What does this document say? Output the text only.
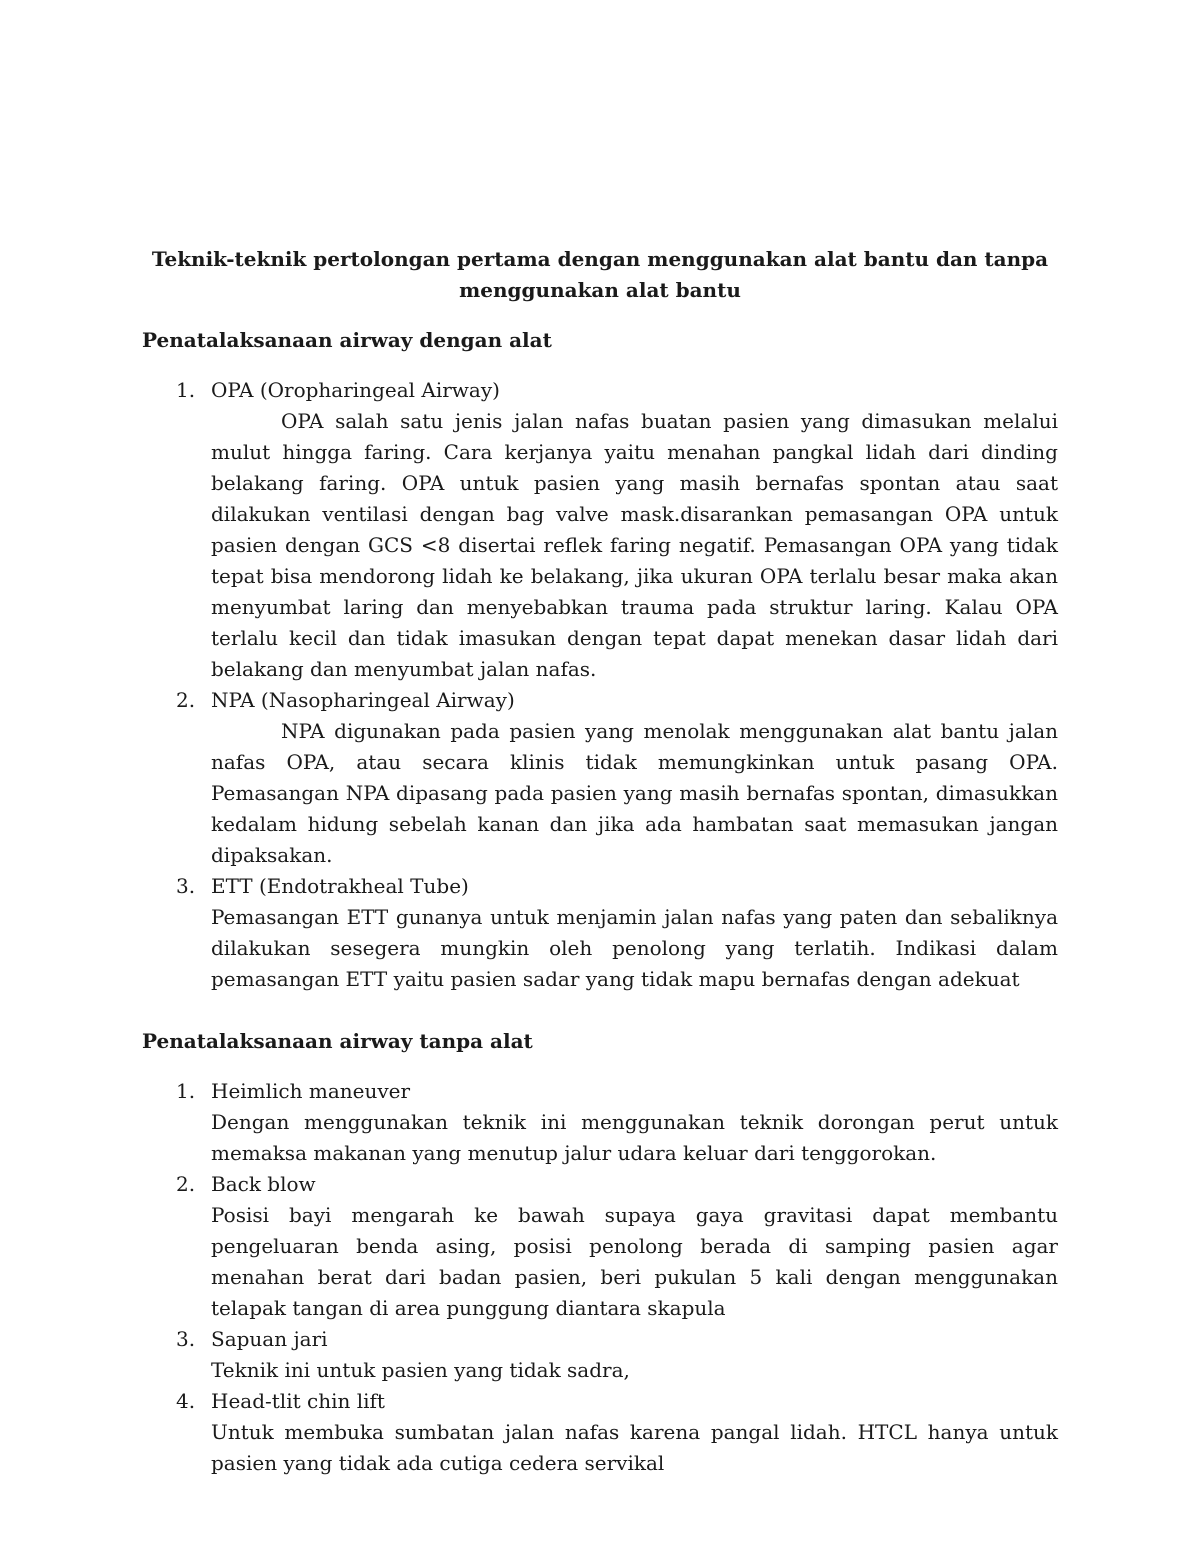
Teknik-teknik pertolongan pertama dengan menggunakan alat bantu dan tanpa
menggunakan alat bantu
Penatalaksanaan airway dengan alat
1. OPA (Oropharingeal Airway)
OPA salah satu jenis jalan nafas buatan pasien yang dimasukan melalui mulut hingga faring. Cara kerjanya yaitu menahan pangkal lidah dari dinding belakang faring. OPA untuk pasien yang masih bernafas spontan atau saat dilakukan ventilasi dengan bag valve mask.disarankan pemasangan OPA untuk pasien dengan GCS <8 disertai reflek faring negatif. Pemasangan OPA yang tidak tepat bisa mendorong lidah ke belakang, jika ukuran OPA terlalu besar maka akan menyumbat laring dan menyebabkan trauma pada struktur laring. Kalau OPA terlalu kecil dan tidak imasukan dengan tepat dapat menekan dasar lidah dari belakang dan menyumbat jalan nafas.
2. NPA (Nasopharingeal Airway)
NPA digunakan pada pasien yang menolak menggunakan alat bantu jalan nafas OPA, atau secara klinis tidak memungkinkan untuk pasang OPA. Pemasangan NPA dipasang pada pasien yang masih bernafas spontan, dimasukkan kedalam hidung sebelah kanan dan jika ada hambatan saat memasukan jangan dipaksakan.
3. ETT (Endotrakheal Tube)
Pemasangan ETT gunanya untuk menjamin jalan nafas yang paten dan sebaliknya dilakukan sesegera mungkin oleh penolong yang terlatih. Indikasi dalam pemasangan ETT yaitu pasien sadar yang tidak mapu bernafas dengan adekuat
Penatalaksanaan airway tanpa alat
1. Heimlich maneuver
Dengan menggunakan teknik ini menggunakan teknik dorongan perut untuk memaksa makanan yang menutup jalur udara keluar dari tenggorokan.
2. Back blow
Posisi bayi mengarah ke bawah supaya gaya gravitasi dapat membantu pengeluaran benda asing, posisi penolong berada di samping pasien agar menahan berat dari badan pasien, beri pukulan 5 kali dengan menggunakan telapak tangan di area punggung diantara skapula
3. Sapuan jari
Teknik ini untuk pasien yang tidak sadra,
4. Head-tlit chin lift
Untuk membuka sumbatan jalan nafas karena pangal lidah. HTCL hanya untuk pasien yang tidak ada cutiga cedera servikal
